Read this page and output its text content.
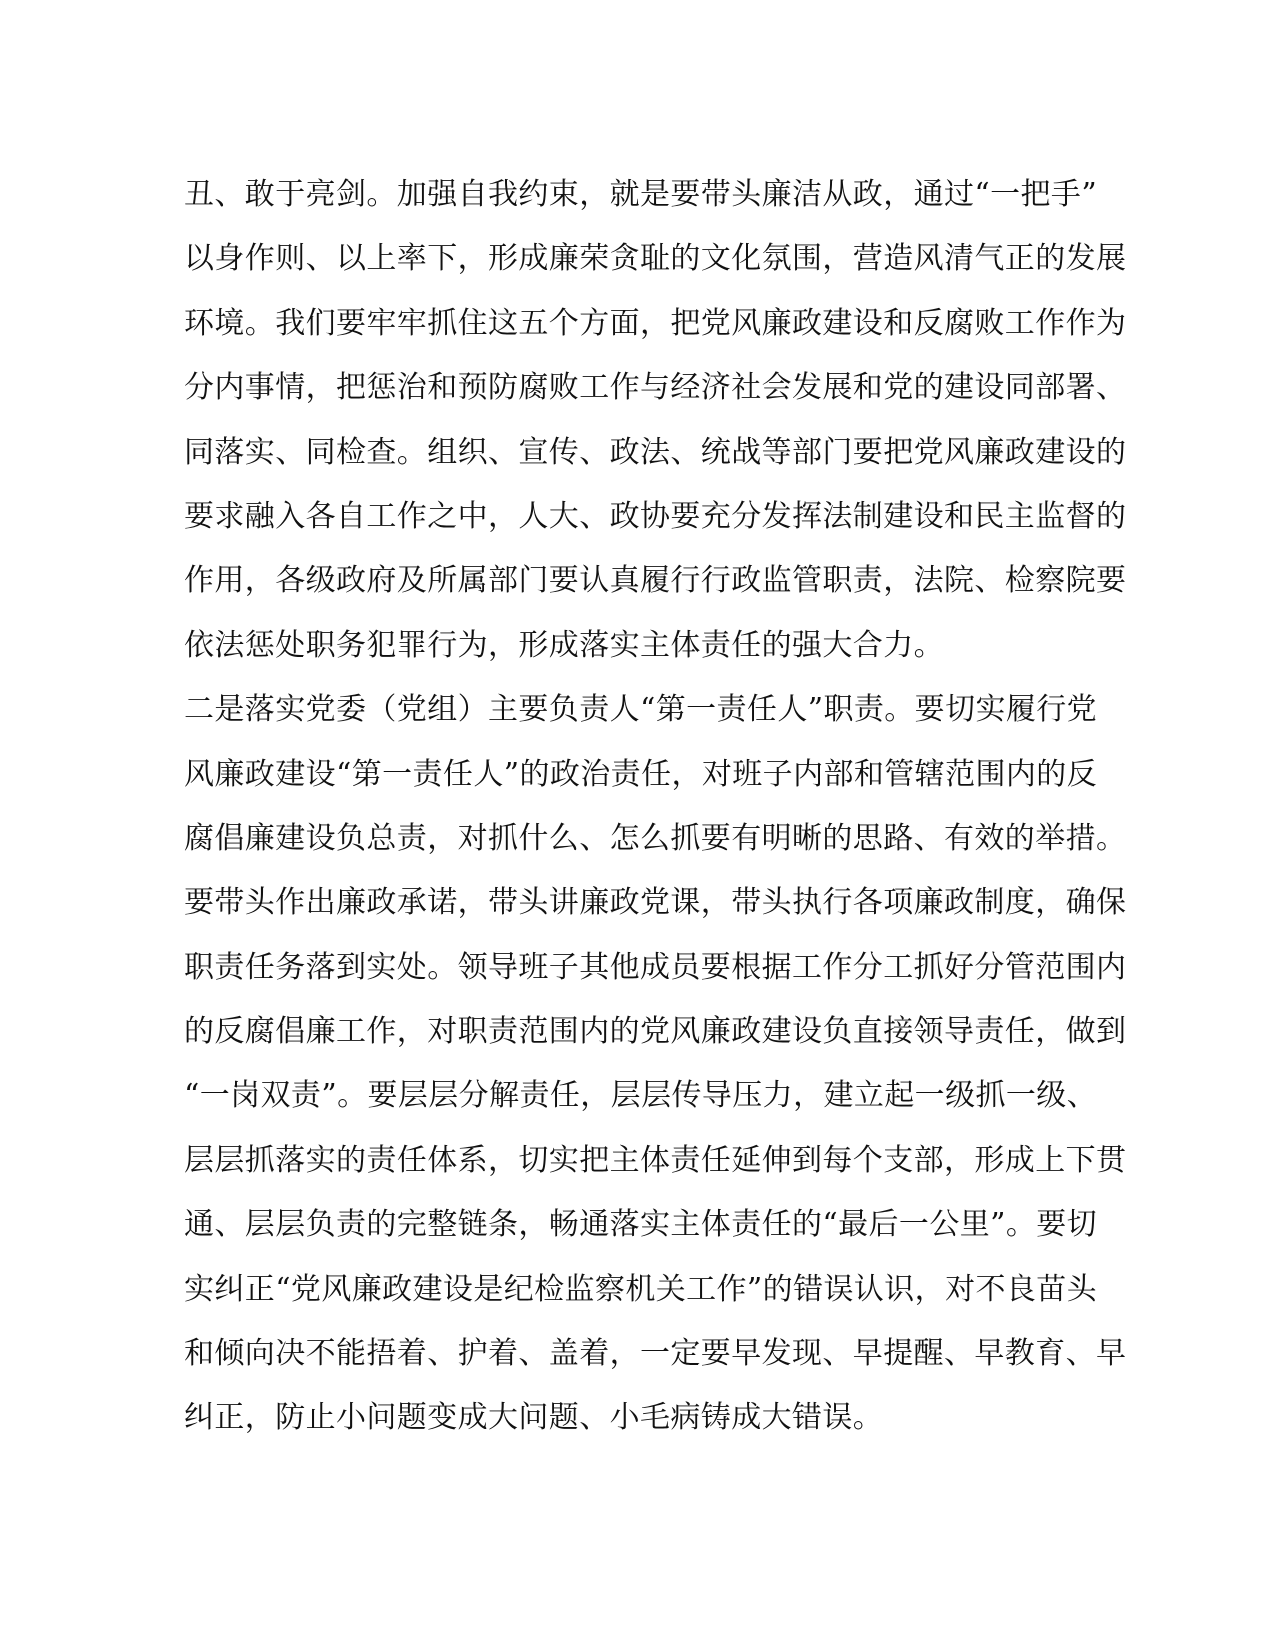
丑、敢于亮剑。加强自我约束，就是要带头廉洁从政，通过“一把手”
以身作则、以上率下，形成廉荣贪耻的文化氛围，营造风清气正的发展
环境。我们要牢牢抓住这五个方面，把党风廉政建设和反腐败工作作为
分内事情，把惩治和预防腐败工作与经济社会发展和党的建设同部署、
同落实、同检查。组织、宣传、政法、统战等部门要把党风廉政建设的
要求融入各自工作之中，人大、政协要充分发挥法制建设和民主监督的
作用，各级政府及所属部门要认真履行行政监管职责，法院、检察院要
依法惩处职务犯罪行为，形成落实主体责任的强大合力。
二是落实党委（党组）主要负责人“第一责任人”职责。要切实履行党
风廉政建设“第一责任人”的政治责任，对班子内部和管辖范围内的反
腐倡廉建设负总责，对抓什么、怎么抓要有明晰的思路、有效的举措。
要带头作出廉政承诺，带头讲廉政党课，带头执行各项廉政制度，确保
职责任务落到实处。领导班子其他成员要根据工作分工抓好分管范围内
的反腐倡廉工作，对职责范围内的党风廉政建设负直接领导责任，做到
“一岗双责”。要层层分解责任，层层传导压力，建立起一级抓一级、
层层抓落实的责任体系，切实把主体责任延伸到每个支部，形成上下贯
通、层层负责的完整链条，畅通落实主体责任的“最后一公里”。要切
实纠正“党风廉政建设是纪检监察机关工作”的错误认识，对不良苗头
和倾向决不能捂着、护着、盖着，一定要早发现、早提醒、早教育、早
纠正，防止小问题变成大问题、小毛病铸成大错误。
